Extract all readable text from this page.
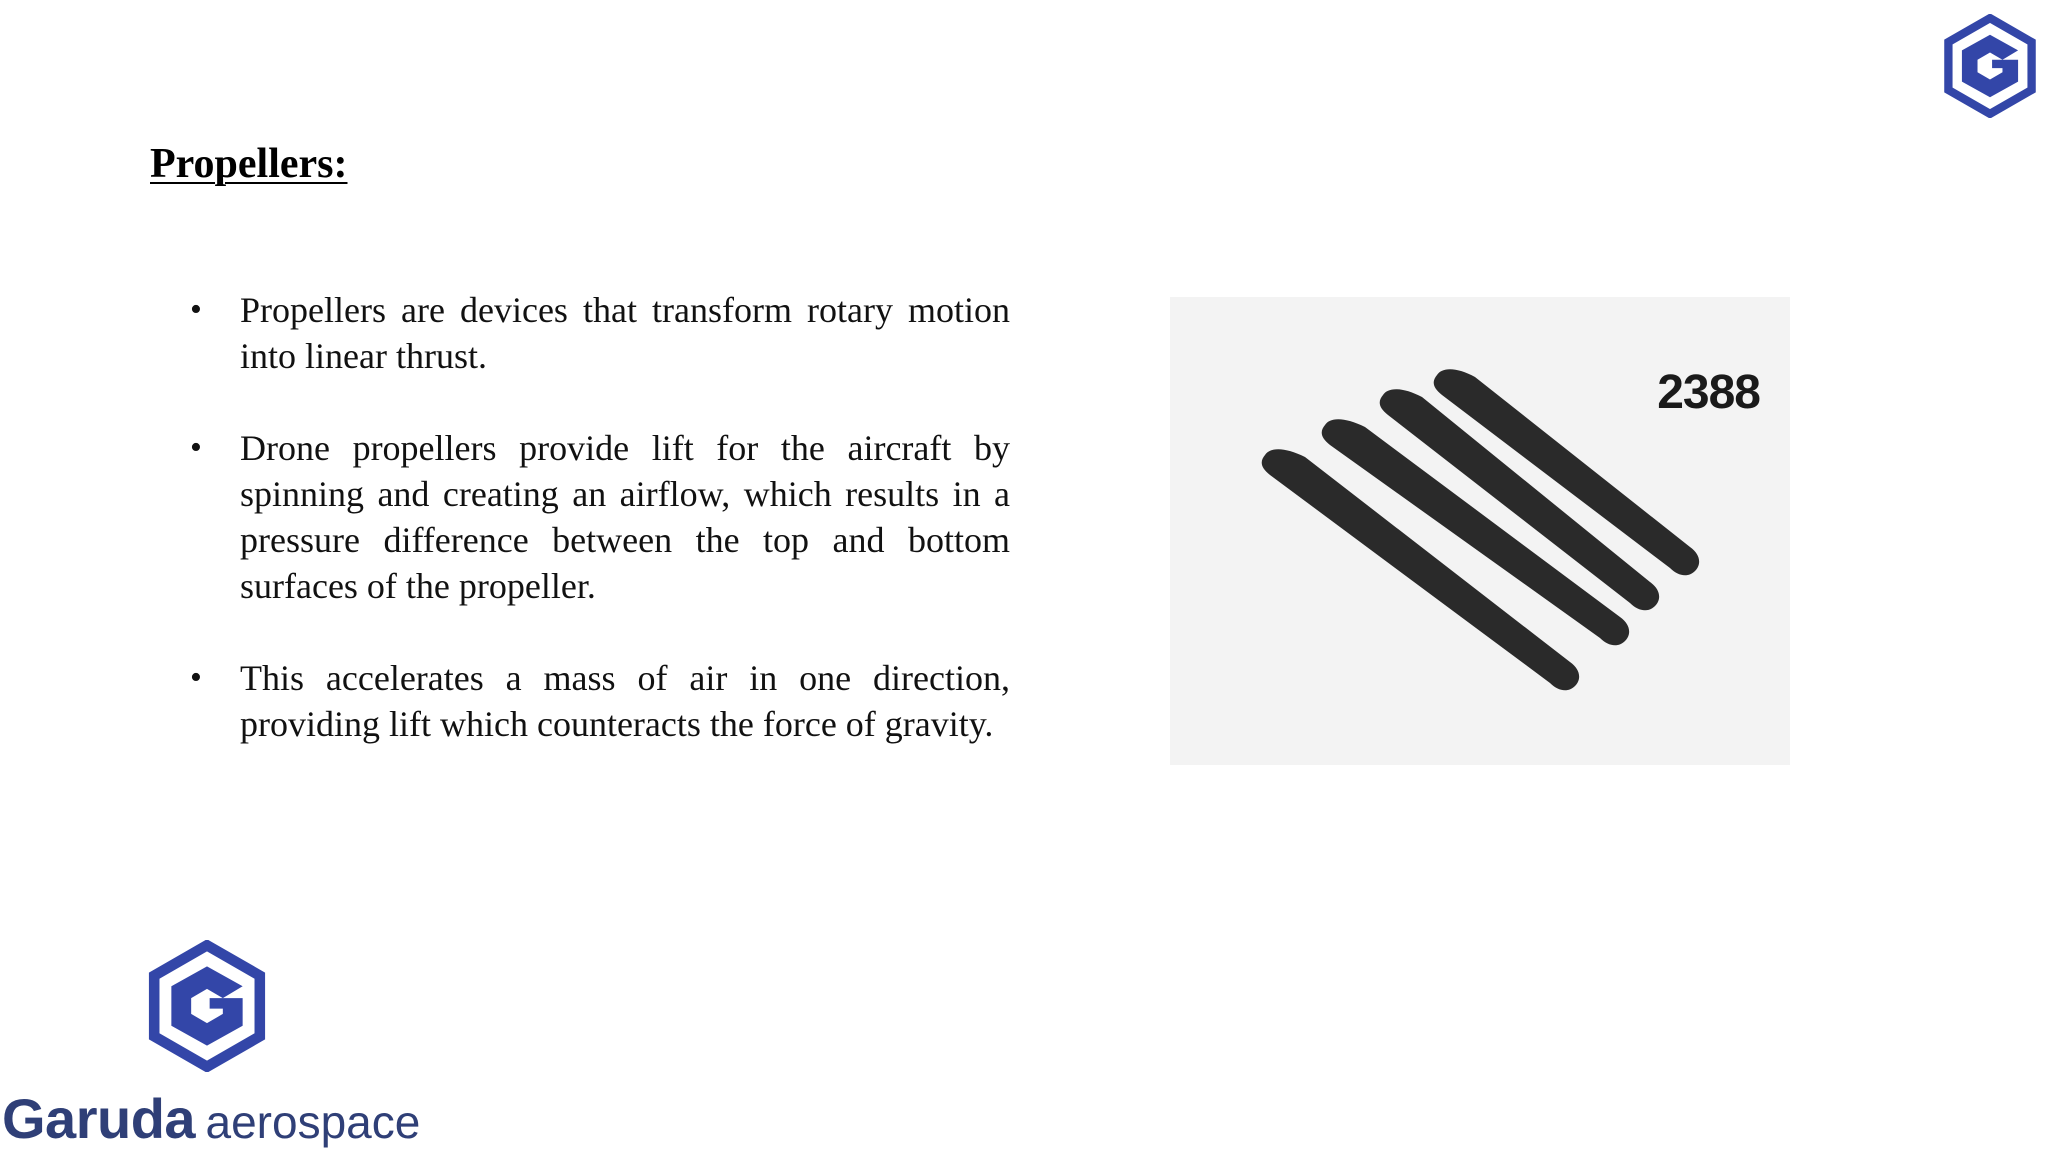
Propellers:
• Propellers are devices that transform rotary motion into linear thrust.
• Drone propellers provide lift for the aircraft by spinning and creating an airflow, which results in a pressure difference between the top and bottom surfaces of the propeller.
• This accelerates a mass of air in one direction, providing lift which counteracts the force of gravity.
2388
Garuda aerospace
